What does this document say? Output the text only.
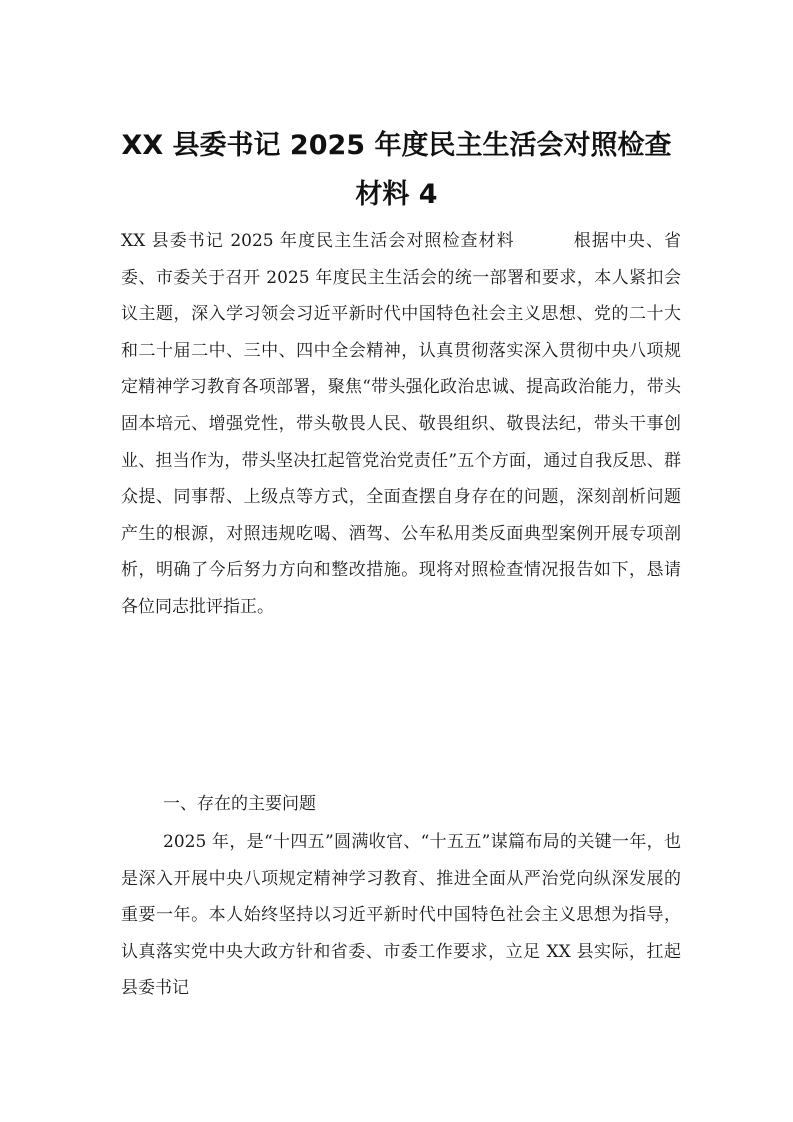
XX 县委书记 2025 年度民主生活会对照检查
材料 4

XX 县委书记 2025 年度民主生活会对照检查材料	根据中央、省委、市委关于召开 2025 年度民主生活会的统一部署和要求，本人紧扣会议主题，深入学习领会习近平新时代中国特色社会主义思想、党的二十大和二十届二中、三中、四中全会精神，认真贯彻落实深入贯彻中央八项规定精神学习教育各项部署，聚焦“带头强化政治忠诚、提高政治能力，带头固本培元、增强党性，带头敬畏人民、敬畏组织、敬畏法纪，带头干事创业、担当作为，带头坚决扛起管党治党责任”五个方面，通过自我反思、群众提、同事帮、上级点等方式，全面查摆自身存在的问题，深刻剖析问题产生的根源，对照违规吃喝、酒驾、公车私用类反面典型案例开展专项剖析，明确了今后努力方向和整改措施。现将对照检查情况报告如下，恳请各位同志批评指正。

一、存在的主要问题

2025 年，是“十四五”圆满收官、“十五五”谋篇布局的关键一年，也是深入开展中央八项规定精神学习教育、推进全面从严治党向纵深发展的重要一年。本人始终坚持以习近平新时代中国特色社会主义思想为指导，认真落实党中央大政方针和省委、市委工作要求，立足 XX 县实际，扛起县委书记
